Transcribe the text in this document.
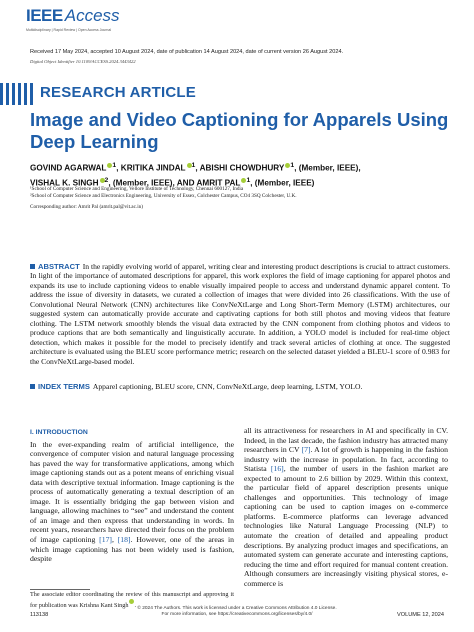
IEEE Access
Multidisciplinary | Rapid Review | Open Access Journal
Received 17 May 2024, accepted 10 August 2024, date of publication 14 August 2024, date of current version 26 August 2024.
Digital Object Identifier 10.1109/ACCESS.2024.3443422
RESEARCH ARTICLE
Image and Video Captioning for Apparels Using Deep Learning
GOVIND AGARWAL $^1$, KRITIKA JINDAL $^1$, ABISHI CHOWDHURY $^1$, (Member, IEEE),
VISHAL K. SINGH $^2$, (Member, IEEE), AND AMRIT PAL $^1$, (Member, IEEE)
¹School of Computer Science and Engineering, Vellore Institute of Technology, Chennai 600127, India
²School of Computer Science and Electronics Engineering, University of Essex, Colchester Campus, CO4 3SQ Colchester, U.K.
Corresponding author: Amrit Pal (amrit.pal@vit.ac.in)
ABSTRACT In the rapidly evolving world of apparel, writing clear and interesting product descriptions is crucial to attract customers. In light of the importance of automated descriptions for apparel, this work explores the field of image captioning for apparel photos and expands its use to include captioning videos to enable visually impaired people to access and understand dynamic apparel content. To address the issue of diversity in datasets, we curated a collection of images that were divided into 26 classifications. With the use of Convolutional Neural Network (CNN) architectures like ConvNeXtLarge and Long Short-Term Memory (LSTM) architectures, our suggested system can automatically provide accurate and captivating captions for both still photos and moving videos that feature clothing. The LSTM network smoothly blends the visual data extracted by the CNN component from clothing photos and videos to produce captions that are both semantically and linguistically accurate. In addition, a YOLO model is included for real-time object detection, which makes it possible for the model to precisely identify and track several articles of clothing at once. The suggested architecture is evaluated using the BLEU score performance metric; research on the selected dataset yielded a BLEU-1 score of 0.983 for the ConvNeXtLarge-based model.
INDEX TERMS Apparel captioning, BLEU score, CNN, ConvNeXtLarge, deep learning, LSTM, YOLO.
I. INTRODUCTION

In the ever-expanding realm of artificial intelligence, the convergence of computer vision and natural language processing has paved the way for transformative applications, among which image captioning stands out as a potent means of enriching visual data with descriptive textual information. Image captioning is the process of automatically generating a textual description of an image. It is essentially bridging the gap between vision and language, allowing machines to “see” and understand the content of an image and then express that understanding in words. In recent years, researchers have directed their focus on the problem of image captioning [17], [18]. However, one of the areas in which image captioning has not been widely used is fashion, despite

all its attractiveness for researchers in AI and specifically in CV. Indeed, in the last decade, the fashion industry has attracted many researchers in CV [7]. A lot of growth is happening in the fashion industry with the increase in population. In fact, according to Statista [16], the number of users in the fashion market are expected to amount to 2.6 billion by 2029. Within this context, the particular field of apparel description presents unique challenges and opportunities. This technology of image captioning can be used to caption images on e-commerce platforms. E-commerce platforms can leverage advanced technologies like Natural Language Processing (NLP) to automate the creation of detailed and appealing product descriptions. By analyzing product images and specifications, an automated system can generate accurate and interesting captions, reducing the time and effort required for manual content creation. Although consumers are increasingly visiting physical stores, e-commerce is

The associate editor coordinating the review of this manuscript and approving it for publication was Krishna Kant Singh .
113138
© 2024 The Authors. This work is licensed under a Creative Commons Attribution 4.0 License.
For more information, see https://creativecommons.org/licenses/by/4.0/	VOLUME 12, 2024
